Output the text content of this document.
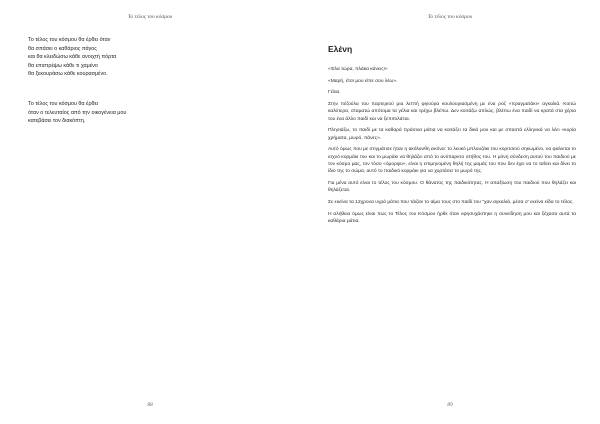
Το τέλος του κόσμου
Το τέλος του κόσμου θα έρθει όταν
θα σπάσει ο καθάριος πάγος
και θα κλειδώσω κάθε ανοιχτή πόρτα
θα επιστρέψω κάθε τι χαμένο
θα ξεκουράσω κάθε κουρασμένο.
Το τέλος του κόσμου θα έρθει
όταν ο τελευταίος από την οικογένεια μου
κατεβάσει τον διακόπτη.
88
Το τέλος του κόσμου
Ελένη

«Έλα τώρα, πλάκα κάνεις!»

«Μαρή, έτσι μου είπε σου λέω».

Γέλια.

Στην πέζούλα του παρτεριού μια λεπτή φιγούρα κουλουριασμένη με ένα ροζ «πραγματάκι» αγκαλιά. Κοιτώ καλύτερα, σταματώ απότομα τα γέλια και τρέχω βλέπω. Δεν κοιτάζω απλώς, βλέπω ένα παιδί να κρατά στα χέρια του ένα άλλο παιδί και να ξεπιπιλιέται.

Πλησιάζω, το παιδί με τα καθαρά πράσινα μάτια να κοιτάζει τα δικά μου και με σπαστά ελληνικά να λέει «κυρία χρήματα, μωρό, πάνες».

Αυτό όμως που με στιγμάτισε ήταν η ακόλουθη εικόνα: το λευκό μπλουζάκι του κοριτσιού σηκωμένο, να φαίνεται το ισχνό κορμάκι του και το μωράκι να θηλάζει από το ανύπαρκτο στήθος του. Η μόνη σύνδεση αυτού του παιδιού με τον κόσμο μας, τον τόσο «όμορφο», είναι η επιμηνομένη θηλή της μαμάς του που δεν έχει να το ταΐσει και δίνει το ίδιο της το σώμα, αυτό το παιδικό κορμάκι για να χορτάσει το μωρό της.

Για μένα αυτό είναι το τέλος του κόσμου. Ο θάνατος της παιδικότητας. Η απαξίωση του παιδιού που θηλάζει και θηλάζεται.

Σε εκείνα τα 12χρονα υγρά μάτια που τάιζαν το αίμα τους στο παιδί του "χαν αγκαλιά, μέσα σ' εκείνα είδα το τέλος.

Η αλήθεια όμως είναι πως το Τέλος του Κόσμου ήρθε όταν εφησυχάστηκε η συνείδηση μου και ξέχασα αυτά τα καθάρια μάτια.

89
